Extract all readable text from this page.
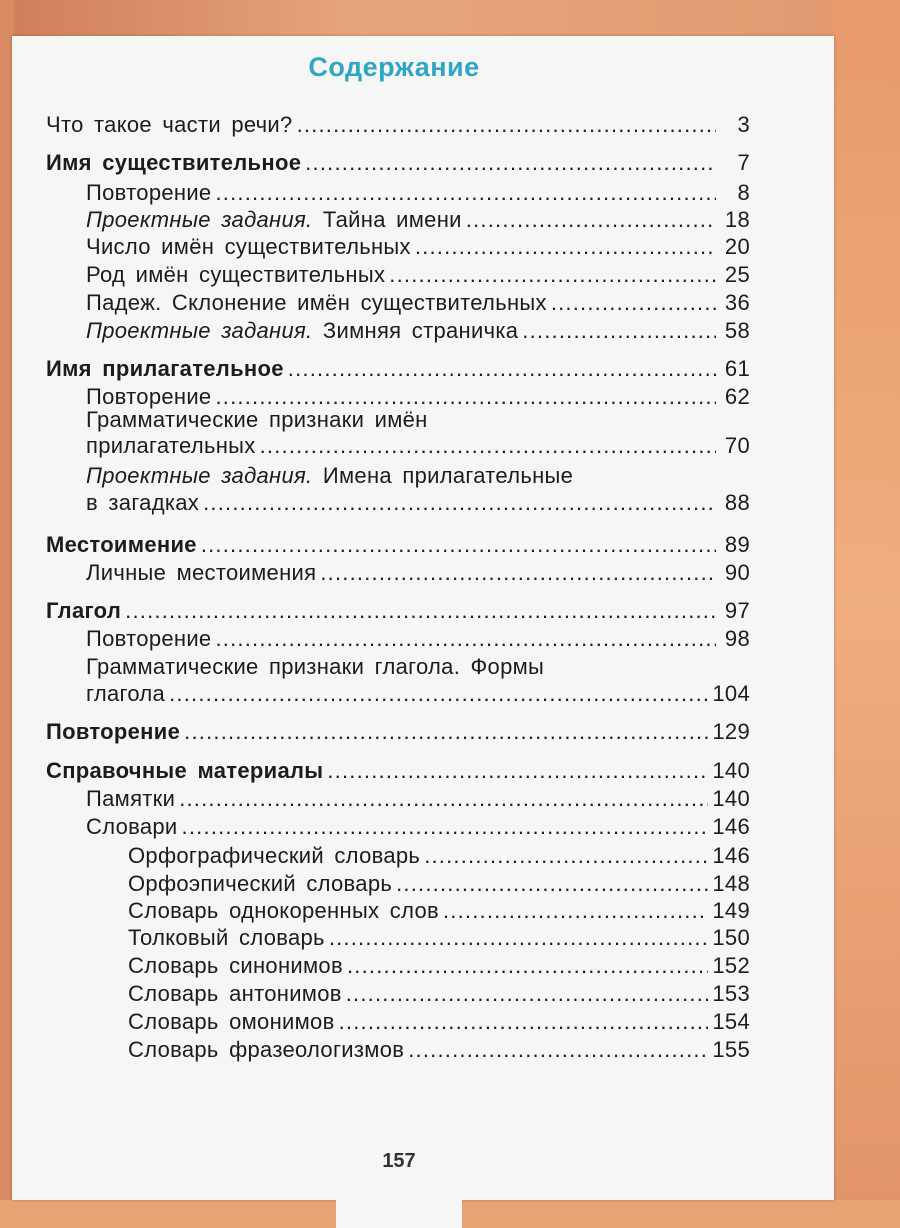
Содержание
Что такое части речи? .....	3
Имя существительное .....	7
Повторение .....	8
Проектные задания. Тайна имени .....	18
Число имён существительных .....	20
Род имён существительных .....	25
Падеж. Склонение имён существительных .....	36
Проектные задания. Зимняя страничка .....	58
Имя прилагательное .....	61
Повторение .....	62
Грамматические признаки имён
прилагательных .....	70
Проектные задания. Имена прилагательные
в загадках .....	88
Местоимение .....	89
Личные местоимения .....	90
Глагол .....	97
Повторение .....	98
Грамматические признаки глагола. Формы
глагола .....	104
Повторение .....	129
Справочные материалы .....	140
Памятки .....	140
Словари .....	146
Орфографический словарь .....	146
Орфоэпический словарь .....	148
Словарь однокоренных слов .....	149
Толковый словарь .....	150
Словарь синонимов .....	152
Словарь антонимов .....	153
Словарь омонимов .....	154
Словарь фразеологизмов .....	155
157
